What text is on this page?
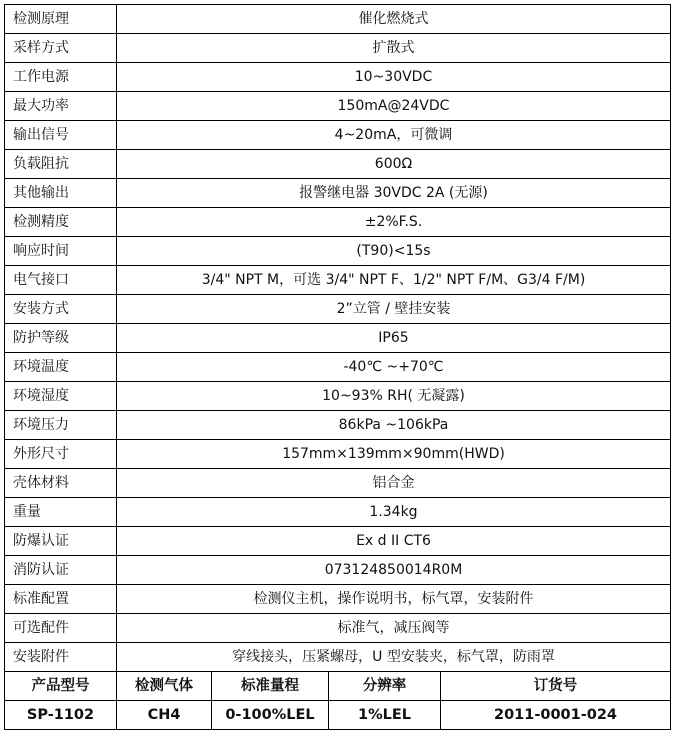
检测原理	催化燃烧式			
采样方式	扩散式			
工作电源	10~30VDC			
最大功率	150mA@24VDC			
输出信号	4~20mA，可微调			
负载阻抗	600Ω			
其他输出	报警继电器 30VDC 2A (无源)			
检测精度	±2%F.S.			
响应时间	(T90)<15s			
电气接口	3/4" NPT M，可选 3/4" NPT F、1/2" NPT F/M、G3/4 F/M)			
安装方式	2”立管 / 壁挂安装			
防护等级	IP65			
环境温度	-40℃ ~+70℃			
环境湿度	10~93% RH( 无凝露)			
环境压力	86kPa ~106kPa			
外形尺寸	157mm×139mm×90mm(HWD)			
壳体材料	铝合金			
重量	1.34kg			
防爆认证	Ex d II CT6			
消防认证	073124850014R0M			
标准配置	检测仪主机，操作说明书，标气罩，安装附件			
可选配件	标准气，减压阀等			
安装附件	穿线接头，压紧螺母，U 型安装夹，标气罩，防雨罩			
产品型号	检测气体	标准量程	分辨率	订货号
SP-1102	CH4	0-100%LEL	1%LEL	2011-0001-024
